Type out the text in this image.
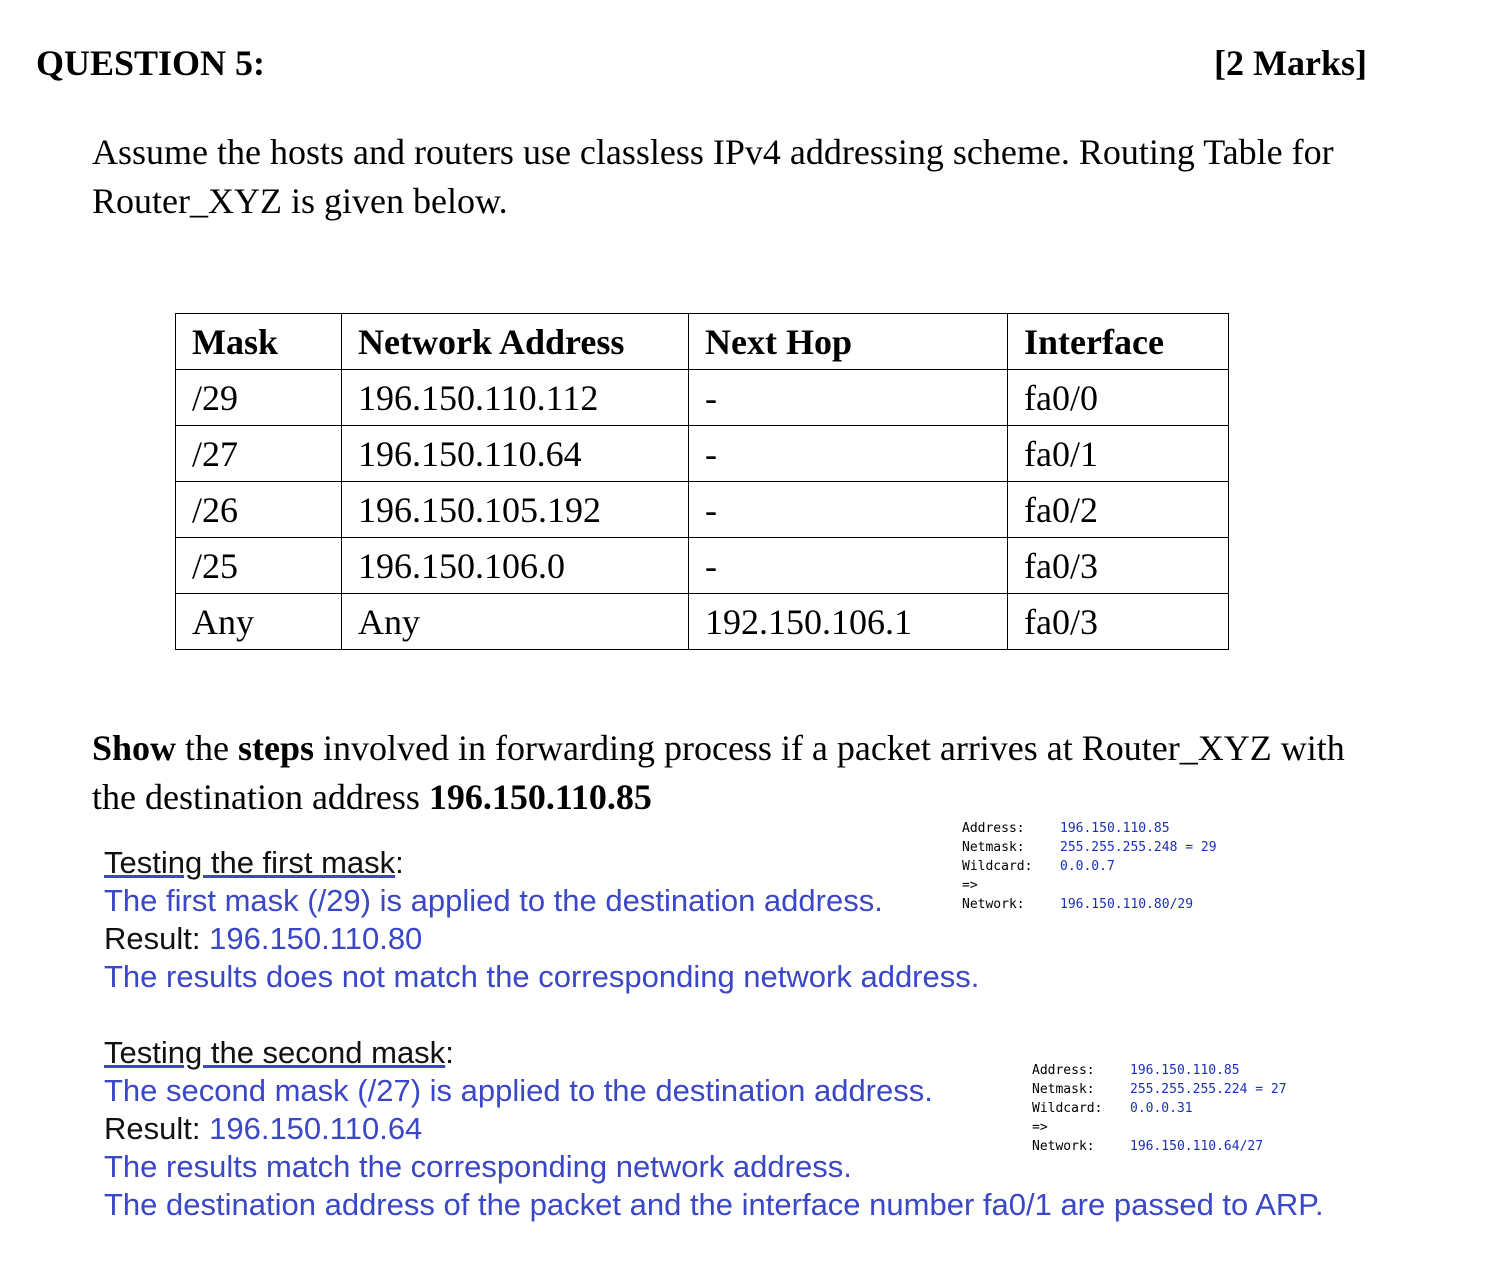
QUESTION 5:	[2 Marks]
Assume the hosts and routers use classless IPv4 addressing scheme. Routing Table for Router_XYZ is given below.
Mask	Network Address	Next Hop	Interface
/29	196.150.110.112	-	fa0/0
/27	196.150.110.64	-	fa0/1
/26	196.150.105.192	-	fa0/2
/25	196.150.106.0	-	fa0/3
Any	Any	192.150.106.1	fa0/3
Show the steps involved in forwarding process if a packet arrives at Router_XYZ with the destination address 196.150.110.85
Testing the first mask:
The first mask (/29) is applied to the destination address.
Result: 196.150.110.80
The results does not match the corresponding network address.
Address:	196.150.110.85
Netmask:	255.255.255.248 = 29
Wildcard: 0.0.0.7
=>
Network:	196.150.110.80/29
Testing the second mask:
The second mask (/27) is applied to the destination address.
Result: 196.150.110.64
The results match the corresponding network address.
The destination address of the packet and the interface number fa0/1 are passed to ARP.
Address:	196.150.110.85
Netmask:	255.255.255.224 = 27
Wildcard: 0.0.0.31
=>
Network:	196.150.110.64/27
